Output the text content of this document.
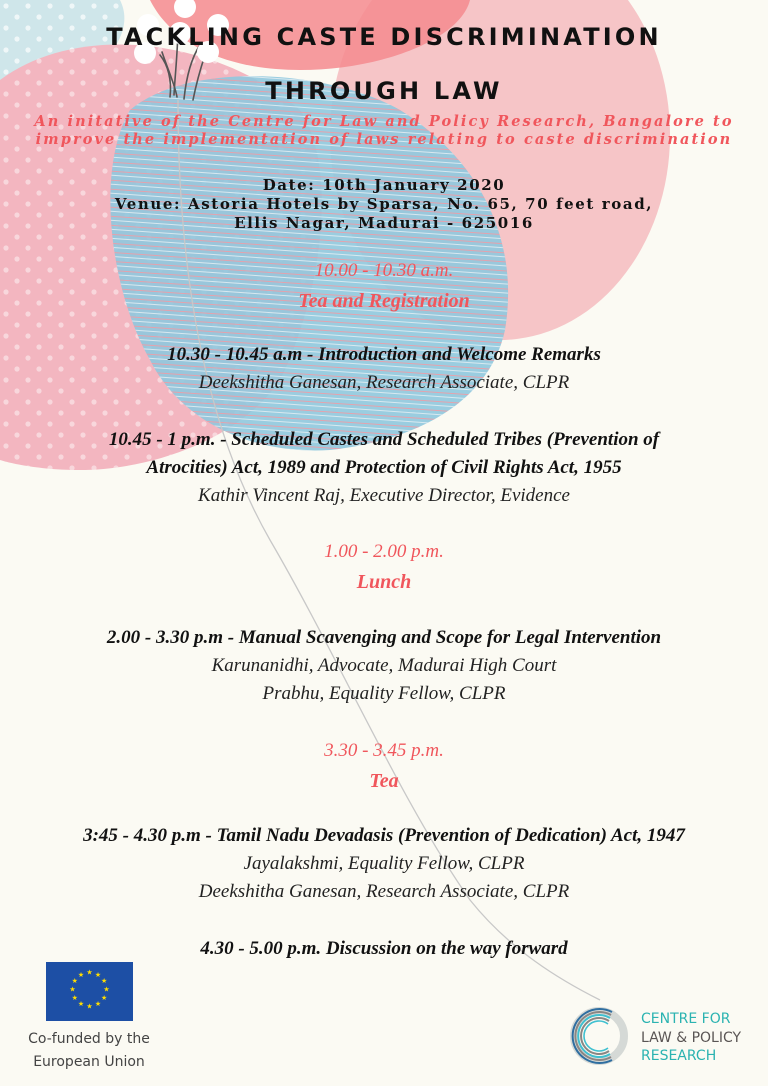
TACKLING CASTE DISCRIMINATION
THROUGH LAW
An initative of the Centre for Law and Policy Research, Bangalore to
improve the implementation of laws relating to caste discrimination
Date: 10th January 2020
Venue: Astoria Hotels by Sparsa, No. 65, 70 feet road,
Ellis Nagar, Madurai - 625016
10.00 - 10.30 a.m.
Tea and Registration
10.30 - 10.45 a.m - Introduction and Welcome Remarks
Deekshitha Ganesan, Research Associate, CLPR
10.45 - 1 p.m. - Scheduled Castes and Scheduled Tribes (Prevention of
Atrocities) Act, 1989 and Protection of Civil Rights Act, 1955
Kathir Vincent Raj, Executive Director, Evidence
1.00 - 2.00 p.m.
Lunch
2.00 - 3.30 p.m - Manual Scavenging and Scope for Legal Intervention
Karunanidhi, Advocate, Madurai High Court
Prabhu, Equality Fellow, CLPR
3.30 - 3.45 p.m.
Tea
3:45 - 4.30 p.m - Tamil Nadu Devadasis (Prevention of Dedication) Act, 1947
Jayalakshmi, Equality Fellow, CLPR
Deekshitha Ganesan, Research Associate, CLPR
4.30 - 5.00 p.m. Discussion on the way forward
★ ★
★
★
★
★
★
★
★
★
★
★
Co-funded by the
European Union
CENTRE FOR
LAW & POLICY
RESEARCH
